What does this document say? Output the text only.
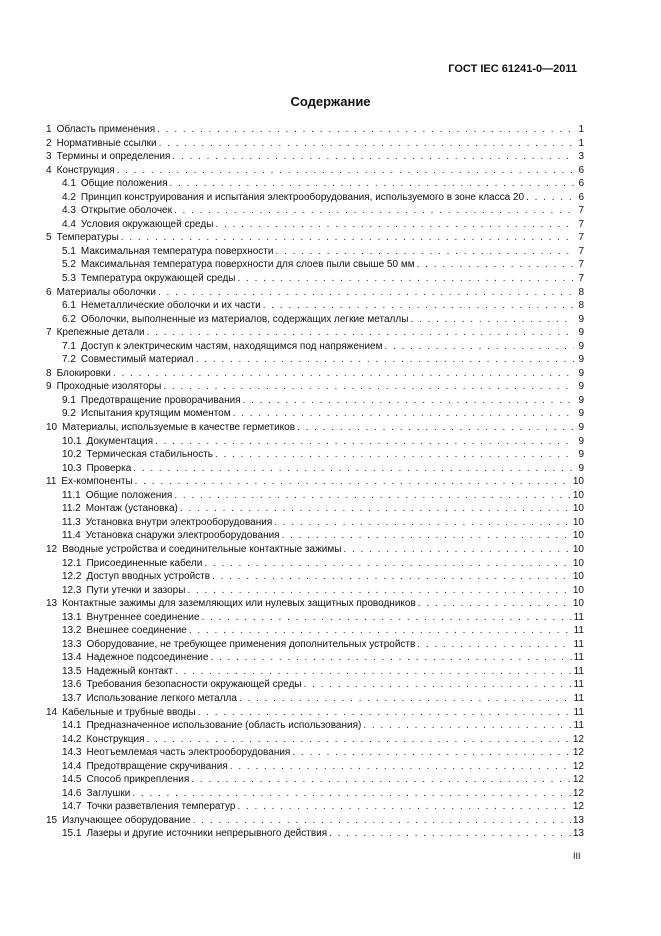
ГОСТ IEC 61241-0—2011
Содержание
1 Область применения . . .	1
2 Нормативные ссылки . . .	1
3 Термины и определения . . .	3
4 Конструкция . . .	6
4.1 Общие положения . . .	6
4.2 Принцип конструирования и испытания электрооборудования, используемого в зоне класса 20 . . .	6
4.3 Открытие оболочек . . .	7
4.4 Условия окружающей среды . . .	7
5 Температуры . . .	7
5.1 Максимальная температура поверхности . . .	7
5.2 Максимальная температура поверхности для слоев пыли свыше 50 мм . . .	7
5.3 Температура окружающей среды . . .	7
6 Материалы оболочки . . .	8
6.1 Неметаллические оболочки и их части . . .	8
6.2 Оболочки, выполненные из материалов, содержащих легкие металлы . . .	9
7 Крепежные детали . . .	9
7.1 Доступ к электрическим частям, находящимся под напряжением . . .	9
7.2 Совместимый материал . . .	9
8 Блокировки . . .	9
9 Проходные изоляторы . . .	9
9.1 Предотвращение проворачивания . . .	9
9.2 Испытания крутящим моментом . . .	9
10 Материалы, используемые в качестве герметиков . . .	9
10.1 Документация . . .	9
10.2 Термическая стабильность . . .	9
10.3 Проверка . . .	9
11 Ex-компоненты . . .	10
11.1 Общие положения . . .	10
11.2 Монтаж (установка) . . .	10
11.3 Установка внутри электрооборудования . . .	10
11.4 Установка снаружи электрооборудования . . .	10
12 Вводные устройства и соединительные контактные зажимы . . .	10
12.1 Присоединенные кабели . . .	10
12.2 Доступ вводных устройств . . .	10
12.3 Пути утечки и зазоры . . .	10
13 Контактные зажимы для заземляющих или нулевых защитных проводников . . .	10
13.1 Внутреннее соединение . . .	11
13.2 Внешнее соединение . . .	11
13.3 Оборудование, не требующее применения дополнительных устройств . . .	11
13.4 Надежное подсоединение . . .	11
13.5 Надежный контакт . . .	11
13.6 Требования безопасности окружающей среды . . .	11
13.7 Использование легкого металла . . .	11
14 Кабельные и трубные вводы . . .	11
14.1 Предназначенное использование (область использования) . . .	11
14.2 Конструкция . . .	12
14.3 Неотъемлемая часть электрооборудования . . .	12
14.4 Предотвращение скручивания . . .	12
14.5 Способ прикрепления . . .	12
14.6 Заглушки . . .	12
14.7 Точки разветвления температур . . .	12
15 Излучающее оборудование . . .	13
15.1 Лазеры и другие источники непрерывного действия . . .	13
III
